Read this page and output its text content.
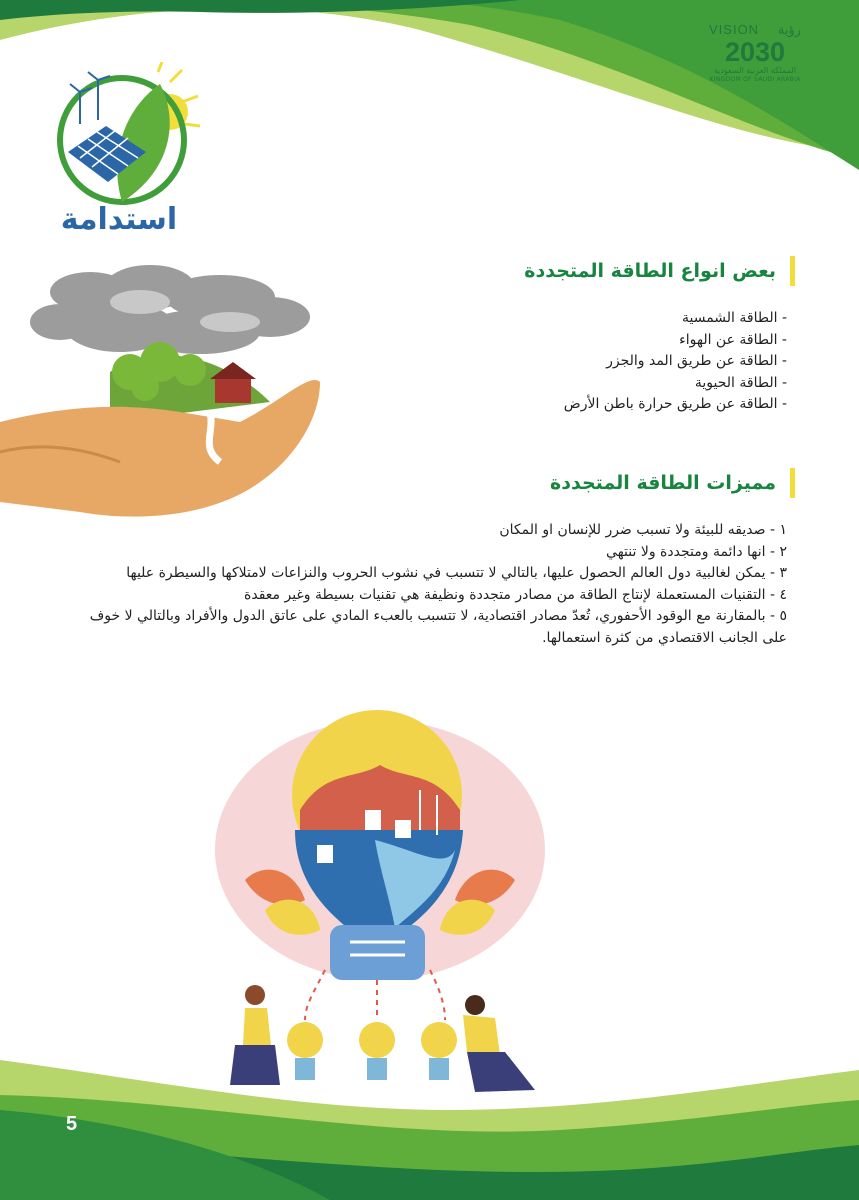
VISION رؤية
2030
المملكة العربية السعودية
KINGDOM OF SAUDI ARABIA
استدامة
بعض انواع الطاقة المتجددة
- الطاقة الشمسية
- الطاقة عن الهواء
- الطاقة عن طريق المد والجزر
- الطاقة الحيوية
- الطاقة عن طريق حرارة باطن الأرض
مميزات الطاقة المتجددة
١ - صديقه للبيئة ولا تسبب ضرر للإنسان او المكان
٢ - انها دائمة ومتجددة ولا تنتهي
٣ - يمكن لغالبية دول العالم الحصول عليها، بالتالي لا تتسبب في نشوب الحروب والنزاعات لامتلاكها والسيطرة عليها
٤ - التقنيات المستعملة لإنتاج الطاقة من مصادر متجددة ونظيفة هي تقنيات بسيطة وغير معقدة
٥ - بالمقارنة مع الوقود الأحفوري، تُعدّ مصادر اقتصادية، لا تتسبب بالعبء المادي على عاتق الدول والأفراد وبالتالي لا خوف على الجانب الاقتصادي من كثرة استعمالها.
5
